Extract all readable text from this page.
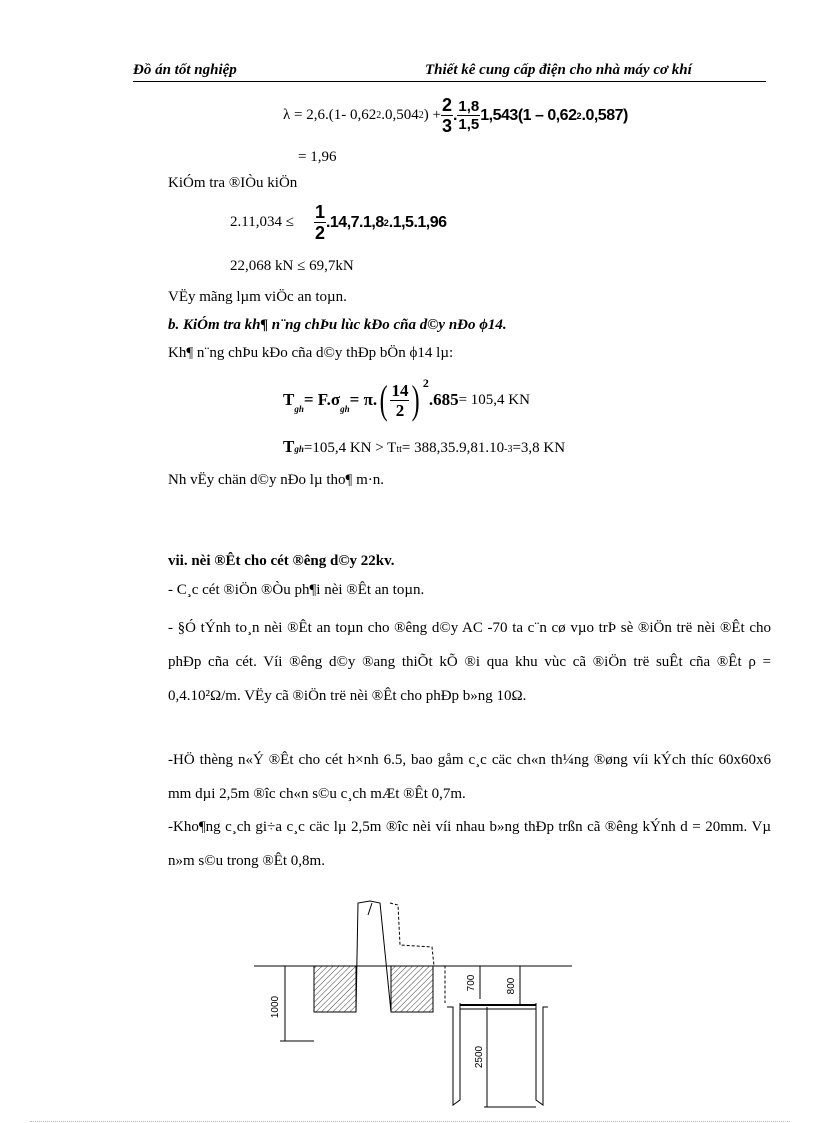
Đồ án tốt nghiệp	Thiết kê cung cấp điện cho nhà máy cơ khí
λ = 2,6.(1- 0,62 2 .0,504 2 ) + $\frac{2}{3}$ . $\frac{1,8}{1,5} 1,543(1 - 0,62$ 2 .0,587)
= 1,96
KiÓm tra ®IÒu kiÖn
$2.11,034 \le \frac{1}{2} .14,7.1,8$ 2 .1,5.1,96
22,068 kN ≤ 69,7kN
VËy mãng lµm viÖc an toµn.
b. KiÓm tra kh¶ n¨ng chÞu lùc kÐo cña d©y nÐo ϕ14.
Kh¶ n¨ng chÞu kÐo cña d©y thÐp bÖn ϕ14 lµ:
$T_{gh} = F.\sigma_{gh} = \pi$. ( $\frac{14}{2} )^2$
.685 = 105,4 KN
T gh =105,4 KN > T tt = 388,35.9,81.10 -3 =3,8 KN
Nh vËy chän d©y nÐo lµ tho¶ m·n.
vii. nèi ®Êt cho cét ®êng d©y 22kv.
- C¸c cét ®iÖn ®Òu ph¶i nèi ®Êt an toµn.
- §Ó tÝnh to¸n nèi ®Êt an toµn cho ®êng d©y AC -70 ta c¨n cø vµo trÞ sè ®iÖn trë nèi ®Êt cho phÐp cña cét. Víi ®êng d©y ®ang thiÕt kÕ ®i qua khu vùc cã ®iÖn trë suÊt cña ®Êt ρ = 0,4.10²Ω/m. VËy cã ®iÖn trë nèi ®Êt cho phÐp b»ng 10Ω.
-HÖ thèng n«Ý ®Êt cho cét h×nh 6.5, bao gåm c¸c cäc ch«n th¼ng ®øng víi kÝch thíc 60x60x6 mm dµi 2,5m ®îc ch«n s©u c¸ch mÆt ®Êt 0,7m.
-Kho¶ng c¸ch gi÷a c¸c cäc lµ 2,5m ®îc nèi víi nhau b»ng thÐp trßn cã ®êng kÝnh d = 20mm. Vµ n»m s©u trong ®Êt 0,8m.
1000
700	800
2500
